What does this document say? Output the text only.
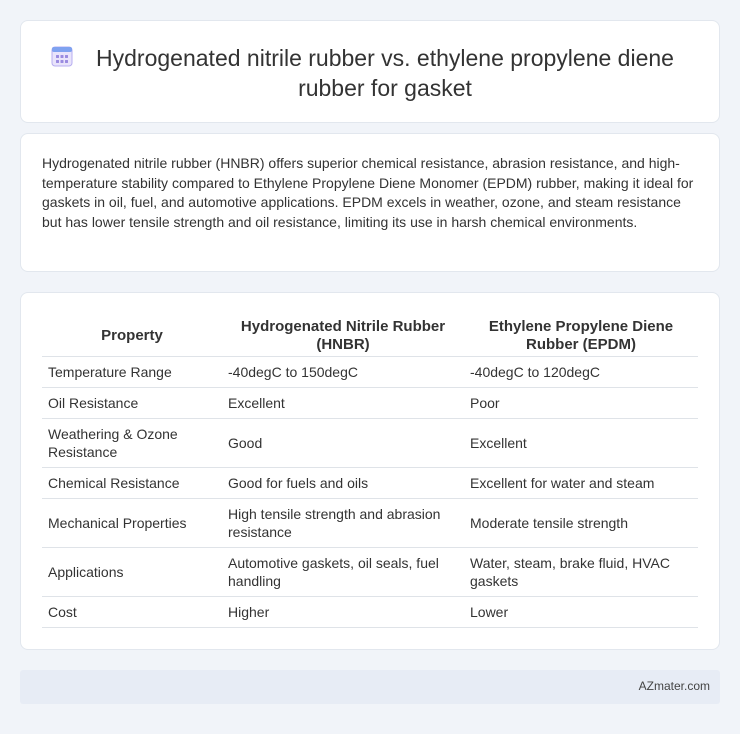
Hydrogenated nitrile rubber vs. ethylene propylene diene rubber for gasket

Hydrogenated nitrile rubber (HNBR) offers superior chemical resistance, abrasion resistance, and high-temperature stability compared to Ethylene Propylene Diene Monomer (EPDM) rubber, making it ideal for gaskets in oil, fuel, and automotive applications. EPDM excels in weather, ozone, and steam resistance but has lower tensile strength and oil resistance, limiting its use in harsh chemical environments.

Property	Hydrogenated Nitrile Rubber (HNBR)	Ethylene Propylene Diene Rubber (EPDM)
Temperature Range	-40degC to 150degC	-40degC to 120degC
Oil Resistance	Excellent	Poor
Weathering & Ozone Resistance	Good	Excellent
Chemical Resistance	Good for fuels and oils	Excellent for water and steam
Mechanical Properties	High tensile strength and abrasion resistance	Moderate tensile strength
Applications	Automotive gaskets, oil seals, fuel handling	Water, steam, brake fluid, HVAC gaskets
Cost	Higher	Lower
AZmater.com
